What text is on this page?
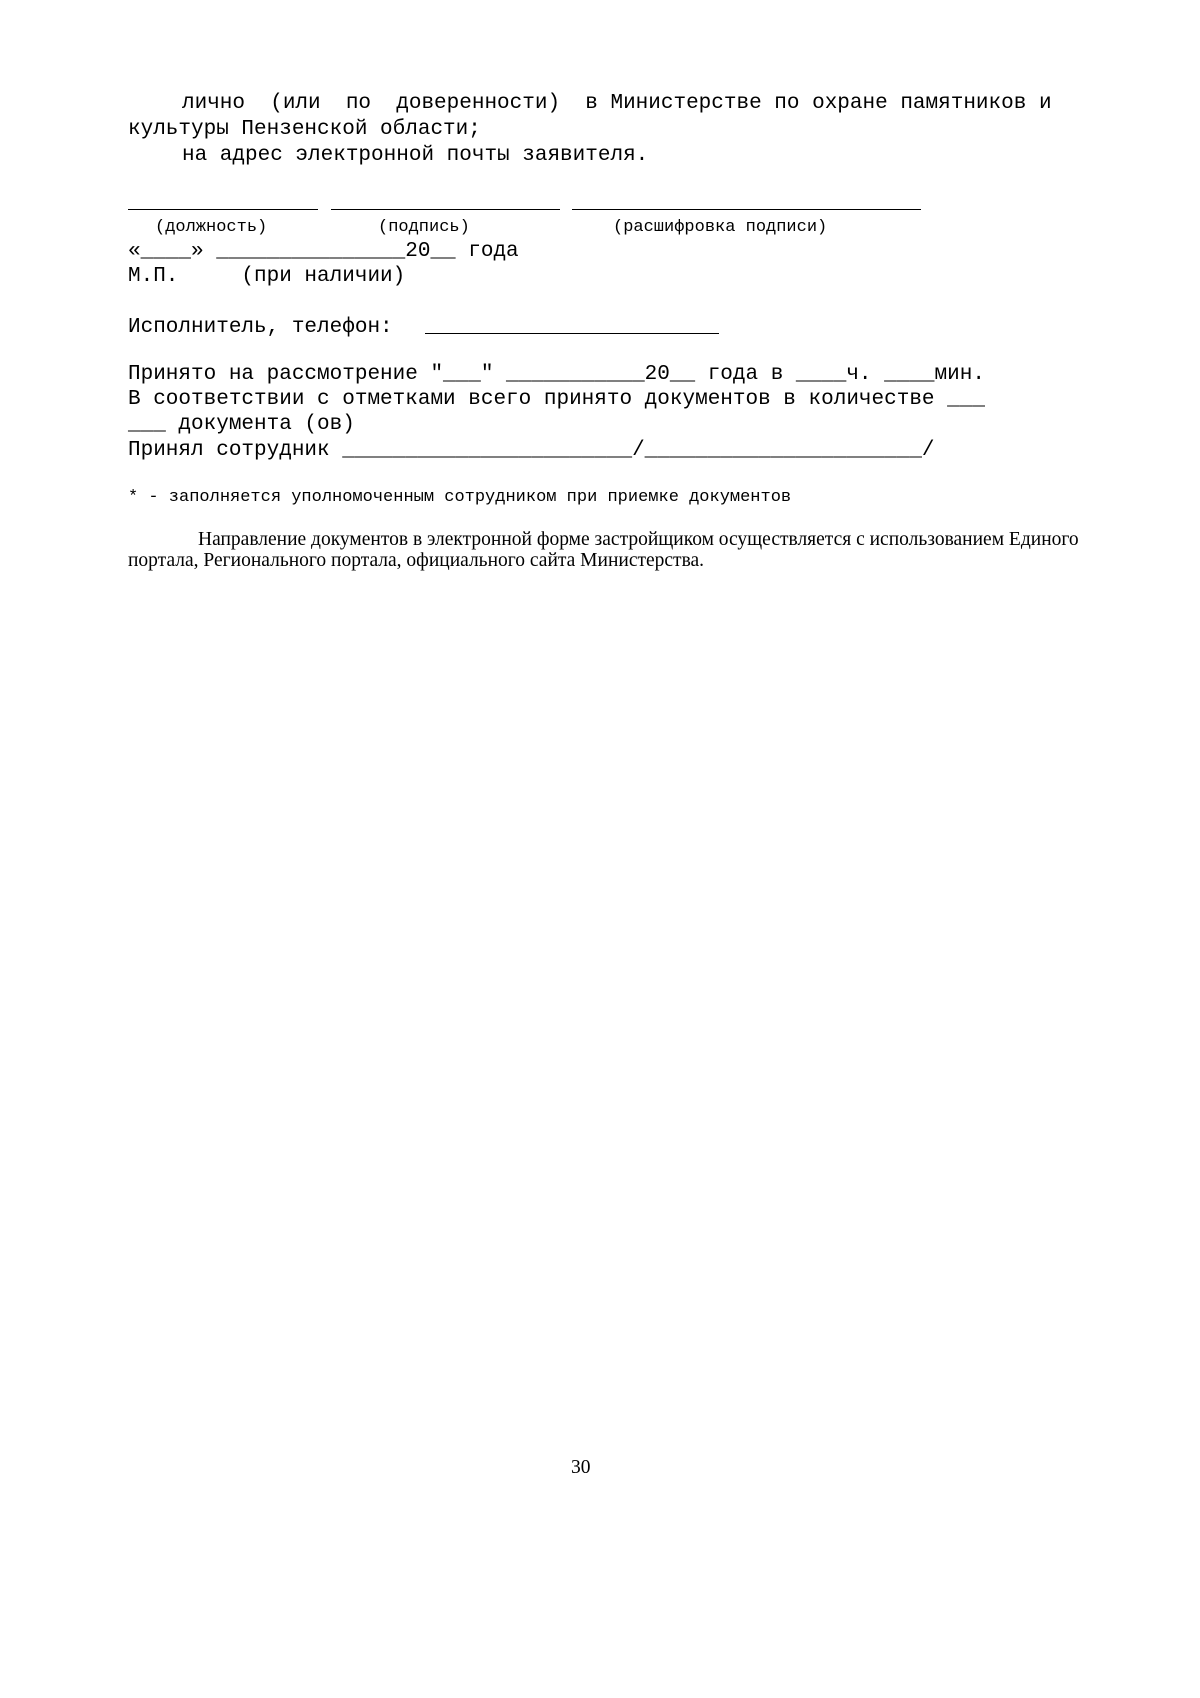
лично  (или  по  доверенности)  в Министерстве по охране памятников и
культуры Пензенской области;
на адрес электронной почты заявителя.
(должность)	(подпись)	(расшифровка подписи)
«____» _______________20__ года
М.П.     (при наличии)
Исполнитель, телефон:
Принято на рассмотрение "___" ___________20__ года в ____ч. ____мин.
В соответствии с отметками всего принято документов в количестве ___
___ документа (ов)
Принял сотрудник _______________________/______________________/
* - заполняется уполномоченным сотрудником при приемке документов
Направление документов в электронной форме застройщиком осуществляется с использованием Единого
портала, Регионального портала, официального сайта Министерства.
30
